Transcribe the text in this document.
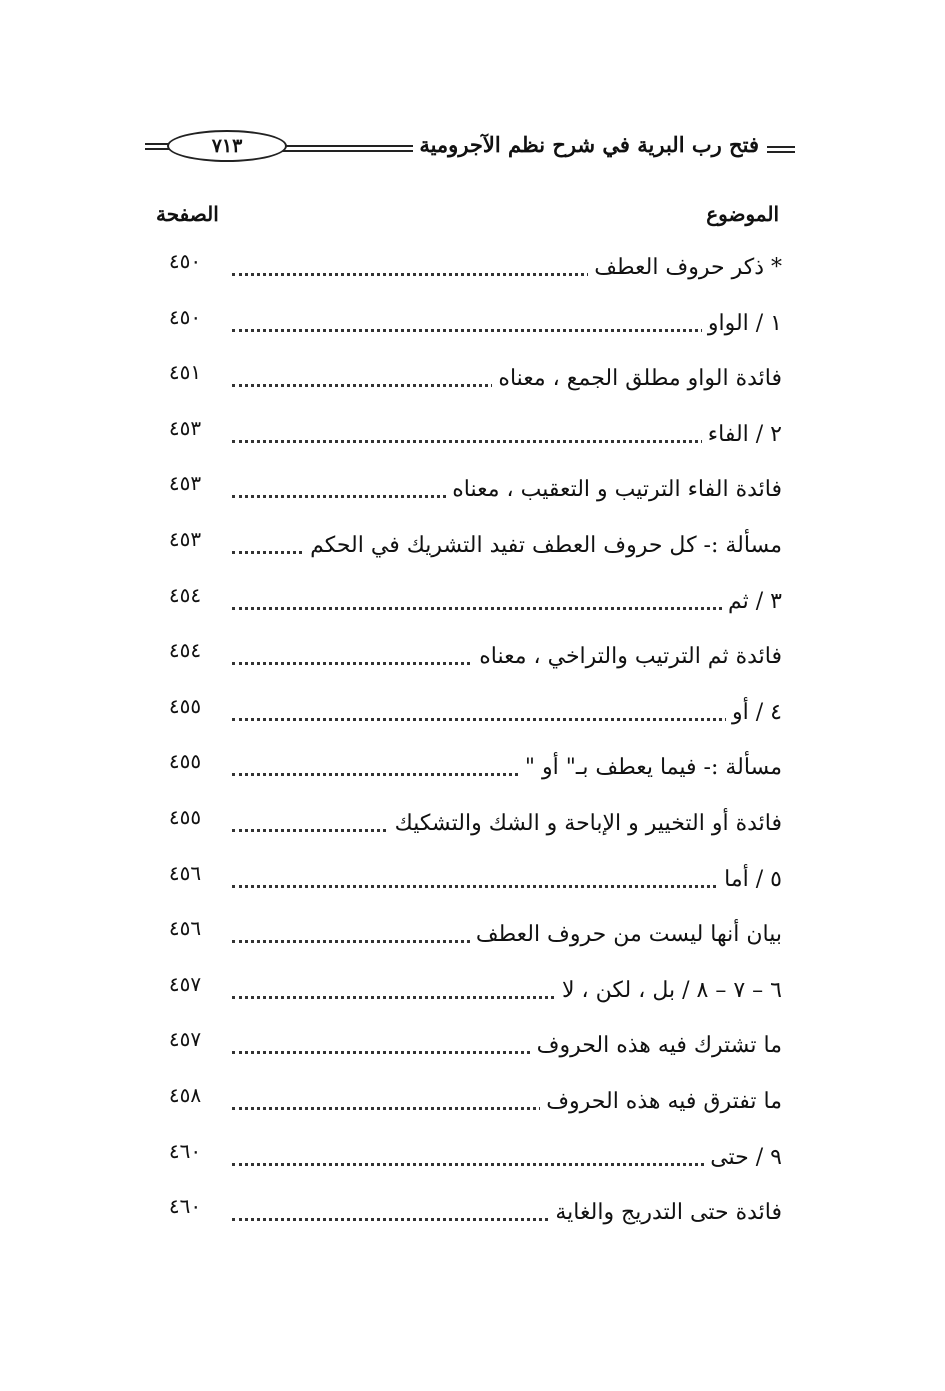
٧١٣	فتح رب البرية في شرح نظم الآجرومية
الموضوع
الصفحة
* ذكر حروف العطف
٤٥٠
١ / الواو
٤٥٠
فائدة الواو مطلق الجمع ، معناه
٤٥١
٢ / الفاء
٤٥٣
فائدة الفاء الترتيب و التعقيب ، معناه
٤٥٣
مسألة :- كل حروف العطف تفيد التشريك في الحكم
٤٥٣
٣ / ثم
٤٥٤
فائدة ثم الترتيب والتراخي ، معناه
٤٥٤
٤ / أو
٤٥٥
مسألة :- فيما يعطف بـ" أو "
٤٥٥
فائدة أو التخيير و الإباحة و الشك والتشكيك
٤٥٥
٥ / أما
٤٥٦
بيان أنها ليست من حروف العطف
٤٥٦
٦ – ٧ – ٨ / بل ، لكن ، لا
٤٥٧
ما تشترك فيه هذه الحروف
٤٥٧
ما تفترق فيه هذه الحروف
٤٥٨
٩ / حتى
٤٦٠
فائدة حتى التدريج والغاية
٤٦٠
